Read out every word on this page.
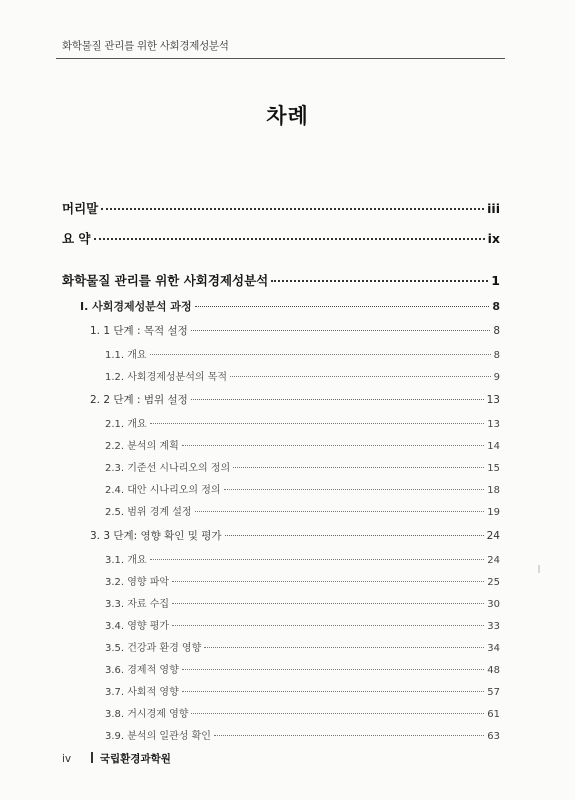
화학물질 관리를 위한 사회경제성분석
차례
머리말	iii
요 약	ix
화학물질 관리를 위한 사회경제성분석	1
Ⅰ. 사회경제성분석 과정	8
1. 1 단계 : 목적 설정	8
1.1. 개요	8
1.2. 사회경제성분석의 목적	9
2. 2 단계 : 범위 설정	13
2.1. 개요	13
2.2. 분석의 계획	14
2.3. 기준선 시나리오의 정의	15
2.4. 대안 시나리오의 정의	18
2.5. 범위 경계 설정	19
3. 3 단계: 영향 확인 및 평가	24
3.1. 개요	24
3.2. 영향 파악	25
3.3. 자료 수집	30
3.4. 영향 평가	33
3.5. 건강과 환경 영향	34
3.6. 경제적 영향	48
3.7. 사회적 영향	57
3.8. 거시경제 영향	61
3.9. 분석의 일관성 확인	63
iv	국립환경과학원
